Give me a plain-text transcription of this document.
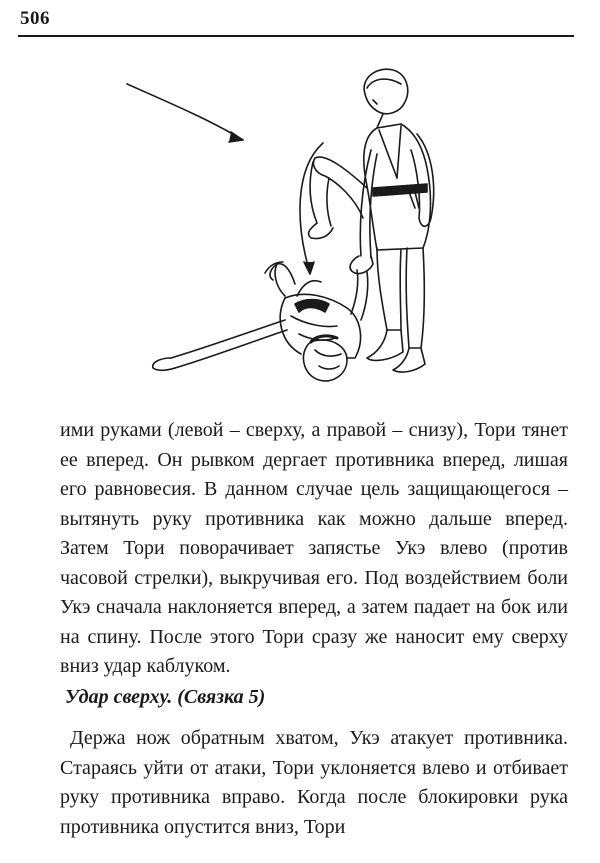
506

ими руками (левой – сверху, а правой – снизу), Тори тянет ее вперед. Он рывком дергает противника вперед, лишая его равновесия. В данном случае цель защищающегося – вытянуть руку противника как можно дальше вперед. Затем Тори поворачивает запястье Укэ влево (против часовой стрелки), выкручивая его. Под воздействием боли Укэ сначала наклоняется вперед, а затем падает на бок или на спину. После этого Тори сразу же наносит ему сверху вниз удар каблуком.

Удар сверху. (Связка 5)

Держа нож обратным хватом, Укэ атакует противника. Стараясь уйти от атаки, Тори уклоняется влево и отбивает руку противника вправо. Когда после блокировки рука противника опустится вниз, Тори
